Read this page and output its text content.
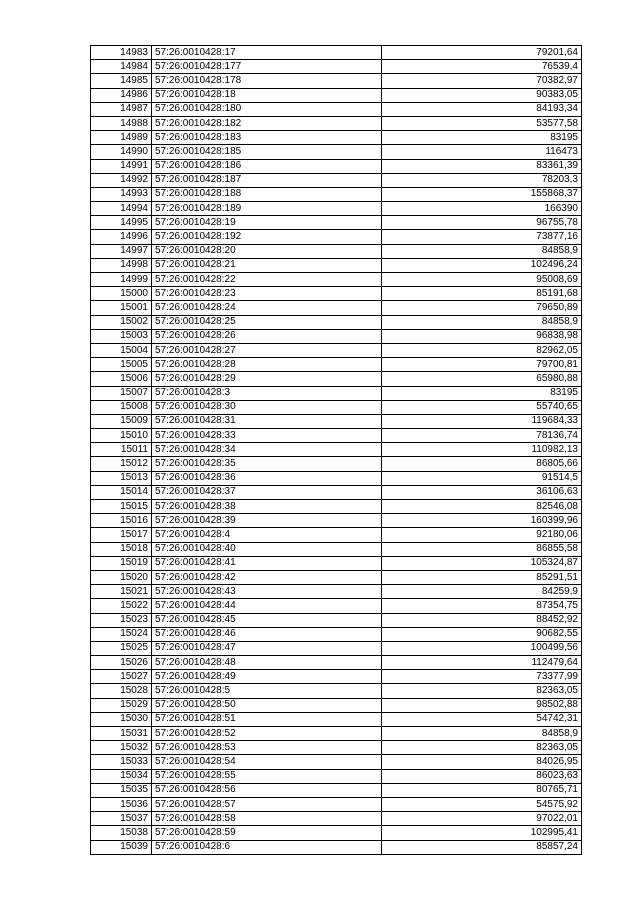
14983	57:26:0010428:17	79201,64
14984	57:26:0010428:177	76539,4
14985	57:26:0010428:178	70382,97
14986	57:26:0010428:18	90383,05
14987	57:26:0010428:180	84193,34
14988	57:26:0010428:182	53577,58
14989	57:26:0010428:183	83195
14990	57:26:0010428:185	116473
14991	57:26:0010428:186	83361,39
14992	57:26:0010428:187	78203,3
14993	57:26:0010428:188	155868,37
14994	57:26:0010428:189	166390
14995	57:26:0010428:19	96755,78
14996	57:26:0010428:192	73877,16
14997	57:26:0010428:20	84858,9
14998	57:26:0010428:21	102496,24
14999	57:26:0010428:22	95008,69
15000	57:26:0010428:23	85191,68
15001	57:26:0010428:24	79650,89
15002	57:26:0010428:25	84858,9
15003	57:26:0010428:26	96838,98
15004	57:26:0010428:27	82962,05
15005	57:26:0010428:28	79700,81
15006	57:26:0010428:29	65980,88
15007	57:26:0010428:3	83195
15008	57:26:0010428:30	55740,65
15009	57:26:0010428:31	119684,33
15010	57:26:0010428:33	78136,74
15011	57:26:0010428:34	110982,13
15012	57:26:0010428:35	86805,66
15013	57:26:0010428:36	91514,5
15014	57:26:0010428:37	36106,63
15015	57:26:0010428:38	82546,08
15016	57:26:0010428:39	160399,96
15017	57:26:0010428:4	92180,06
15018	57:26:0010428:40	86855,58
15019	57:26:0010428:41	105324,87
15020	57:26:0010428:42	85291,51
15021	57:26:0010428:43	84259,9
15022	57:26:0010428:44	87354,75
15023	57:26:0010428:45	88452,92
15024	57:26:0010428:46	90682,55
15025	57:26:0010428:47	100499,56
15026	57:26:0010428:48	112479,64
15027	57:26:0010428:49	73377,99
15028	57:26:0010428:5	82363,05
15029	57:26:0010428:50	98502,88
15030	57:26:0010428:51	54742,31
15031	57:26:0010428:52	84858,9
15032	57:26:0010428:53	82363,05
15033	57:26:0010428:54	84026,95
15034	57:26:0010428:55	86023,63
15035	57:26:0010428:56	80765,71
15036	57:26:0010428:57	54575,92
15037	57:26:0010428:58	97022,01
15038	57:26:0010428:59	102995,41
15039	57:26:0010428:6	85857,24
